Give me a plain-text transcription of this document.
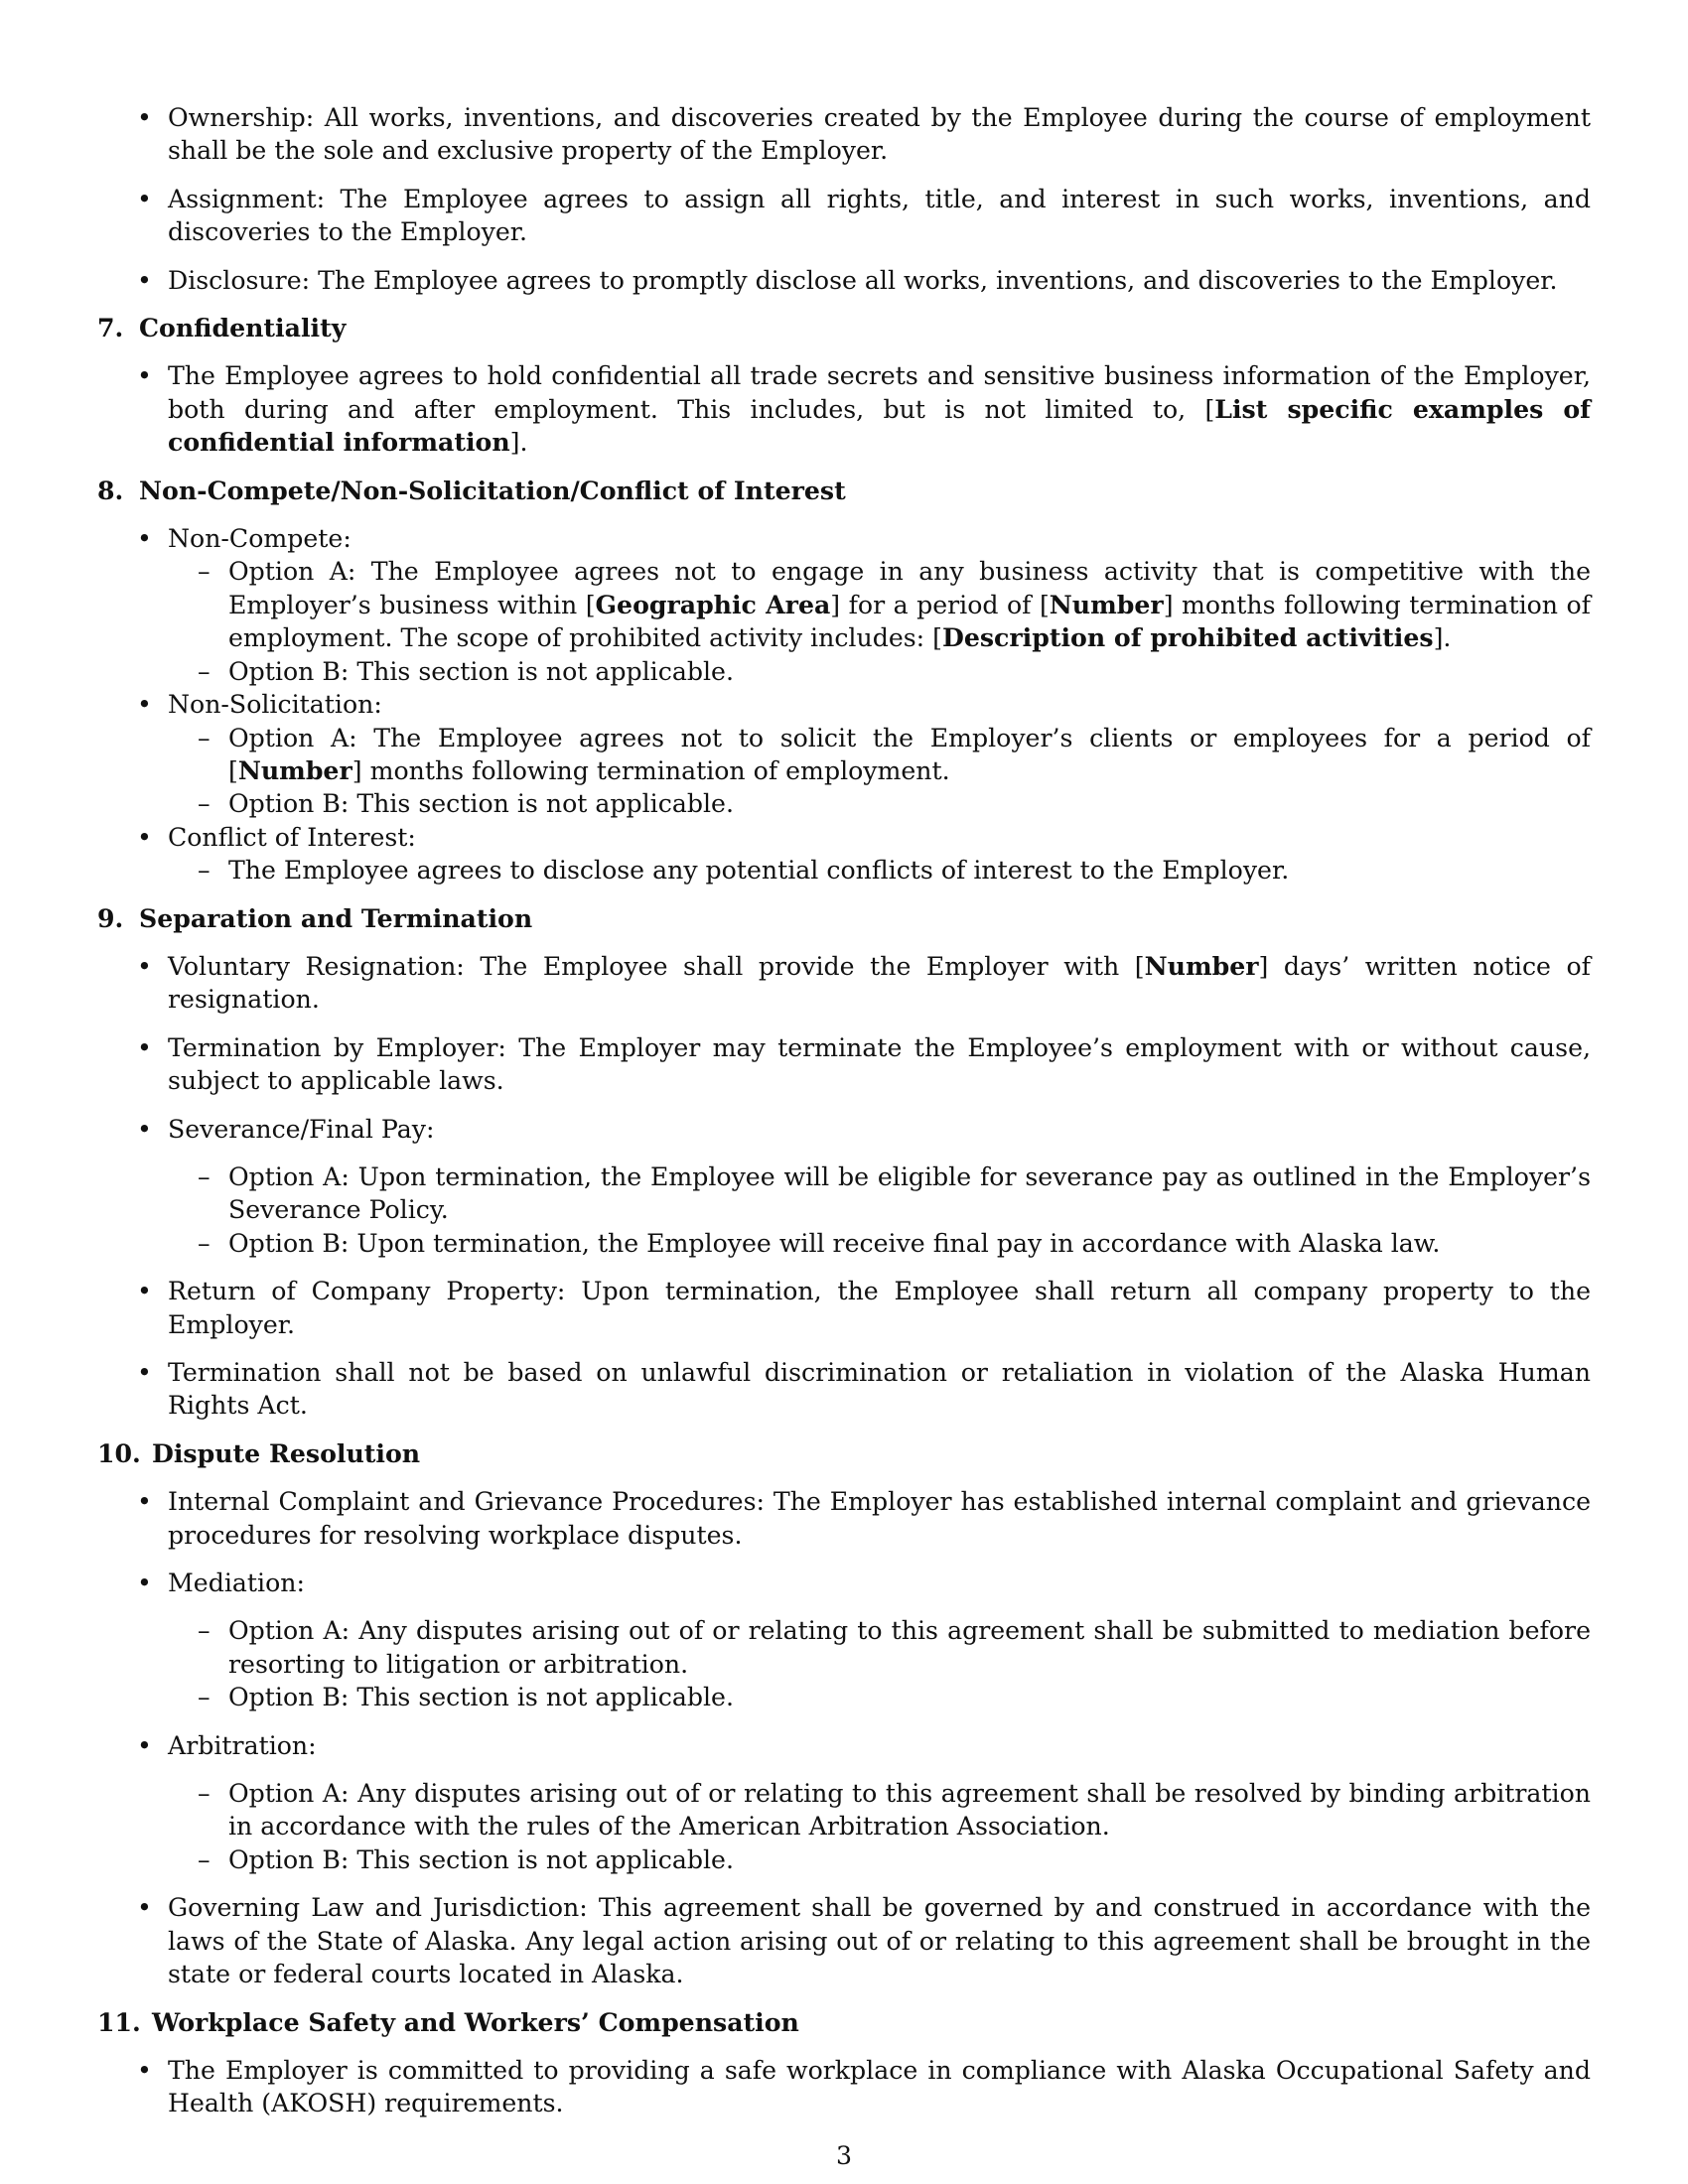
• Ownership: All works, inventions, and discoveries created by the Employee during the course of employment shall be the sole and exclusive property of the Employer.
• Assignment: The Employee agrees to assign all rights, title, and interest in such works, inventions, and discoveries to the Employer.
• Disclosure: The Employee agrees to promptly disclose all works, inventions, and discoveries to the Employer.
7. Confidentiality
• The Employee agrees to hold confidential all trade secrets and sensitive business information of the Employer, both during and after employment. This includes, but is not limited to, [List specific examples of confidential information].
8. Non-Compete/Non-Solicitation/Conflict of Interest
• Non-Compete:
– Option A: The Employee agrees not to engage in any business activity that is competitive with the Employer’s business within [Geographic Area] for a period of [Number] months following termination of employment. The scope of prohibited activity includes: [Description of prohibited activities].
– Option B: This section is not applicable.
• Non-Solicitation:
– Option A: The Employee agrees not to solicit the Employer’s clients or employees for a period of [Number] months following termination of employment.
– Option B: This section is not applicable.
• Conflict of Interest:
– The Employee agrees to disclose any potential conflicts of interest to the Employer.
9. Separation and Termination
• Voluntary Resignation: The Employee shall provide the Employer with [Number] days’ written notice of resignation.
• Termination by Employer: The Employer may terminate the Employee’s employment with or without cause, subject to applicable laws.
• Severance/Final Pay:
– Option A: Upon termination, the Employee will be eligible for severance pay as outlined in the Employer’s Severance Policy.
– Option B: Upon termination, the Employee will receive final pay in accordance with Alaska law.
• Return of Company Property: Upon termination, the Employee shall return all company property to the Employer.
• Termination shall not be based on unlawful discrimination or retaliation in violation of the Alaska Human Rights Act.
10. Dispute Resolution
• Internal Complaint and Grievance Procedures: The Employer has established internal complaint and grievance procedures for resolving workplace disputes.
• Mediation:
– Option A: Any disputes arising out of or relating to this agreement shall be submitted to mediation before resorting to litigation or arbitration.
– Option B: This section is not applicable.
• Arbitration:
– Option A: Any disputes arising out of or relating to this agreement shall be resolved by binding arbitration in accordance with the rules of the American Arbitration Association.
– Option B: This section is not applicable.
• Governing Law and Jurisdiction: This agreement shall be governed by and construed in accordance with the laws of the State of Alaska. Any legal action arising out of or relating to this agreement shall be brought in the state or federal courts located in Alaska.
11. Workplace Safety and Workers’ Compensation
• The Employer is committed to providing a safe workplace in compliance with Alaska Occupational Safety and Health (AKOSH) requirements.
3
